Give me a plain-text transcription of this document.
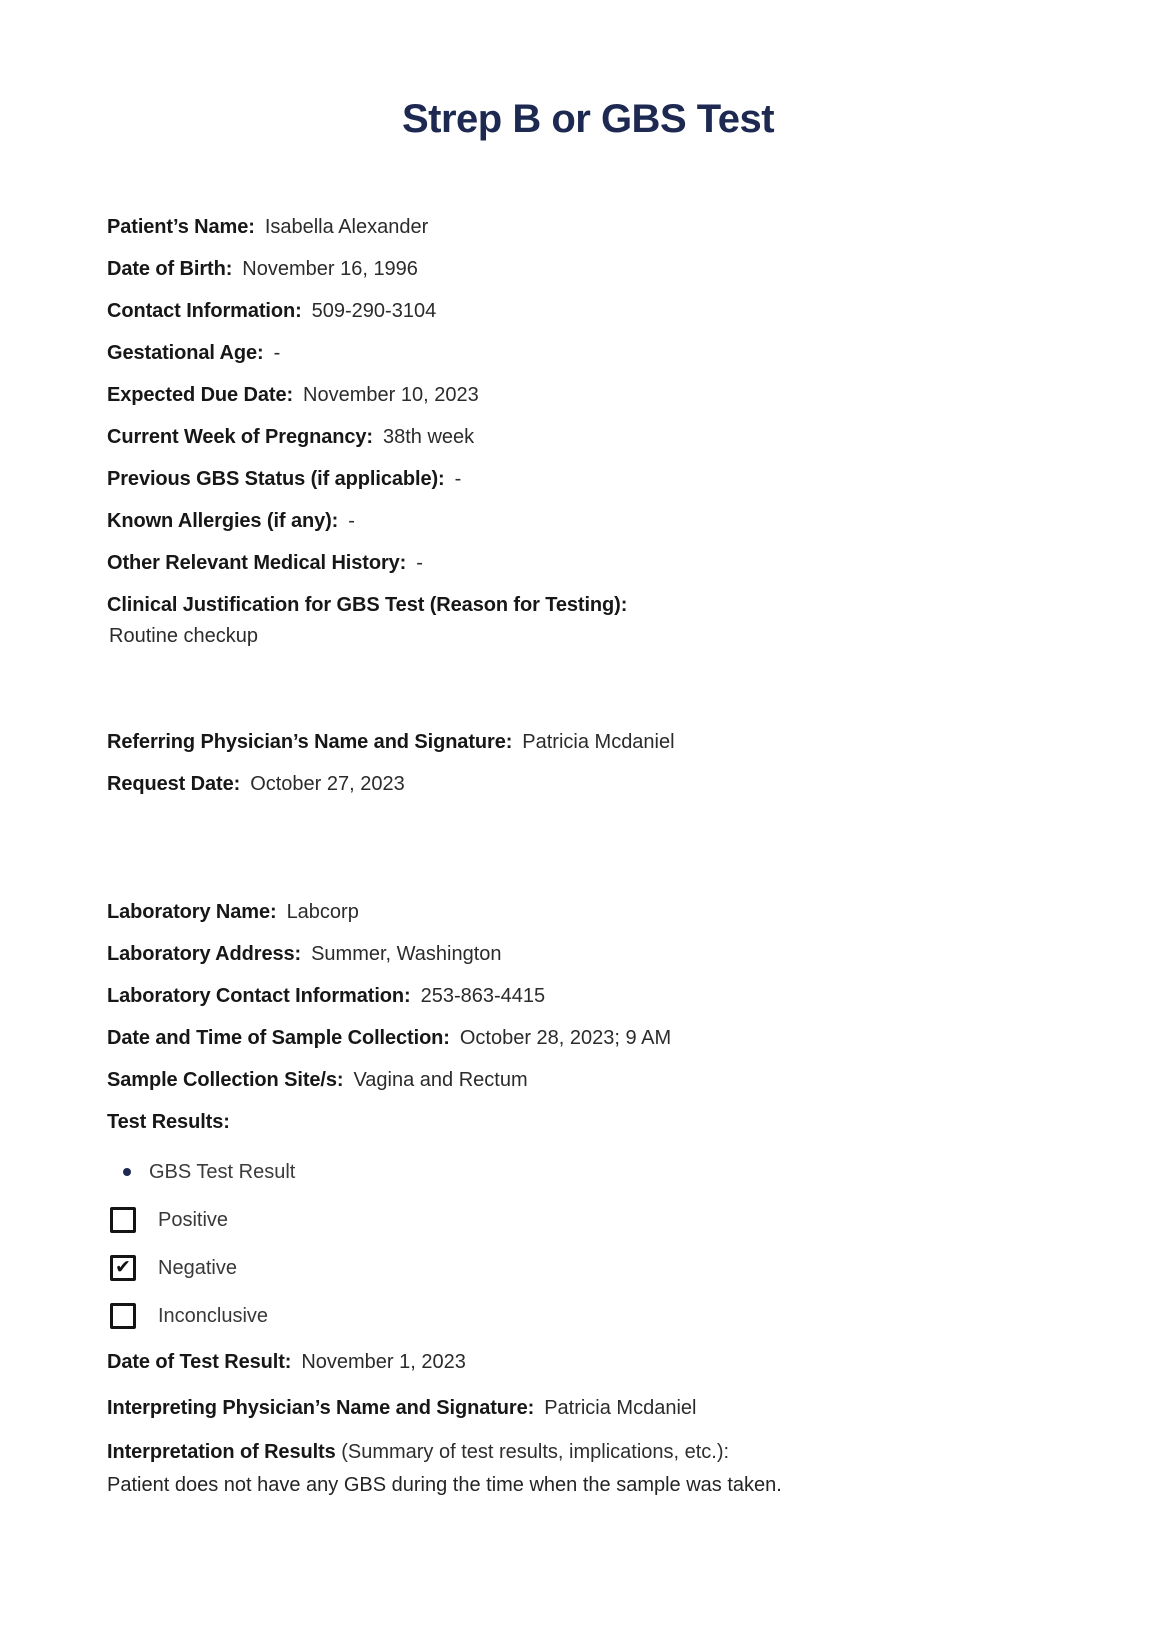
Strep B or GBS Test
Patient’s Name: Isabella Alexander
Date of Birth: November 16, 1996
Contact Information: 509-290-3104
Gestational Age: -
Expected Due Date: November 10, 2023
Current Week of Pregnancy: 38th week
Previous GBS Status (if applicable): -
Known Allergies (if any): -
Other Relevant Medical History: -
Clinical Justification for GBS Test (Reason for Testing):
Routine checkup
Referring Physician’s Name and Signature: Patricia Mcdaniel
Request Date: October 27, 2023
Laboratory Name: Labcorp
Laboratory Address: Summer, Washington
Laboratory Contact Information: 253-863-4415
Date and Time of Sample Collection: October 28, 2023; 9 AM
Sample Collection Site/s: Vagina and Rectum
Test Results:
GBS Test Result
Positive
✔ Negative
Inconclusive
Date of Test Result: November 1, 2023
Interpreting Physician’s Name and Signature: Patricia Mcdaniel
Interpretation of Results (Summary of test results, implications, etc.):
Patient does not have any GBS during the time when the sample was taken.
